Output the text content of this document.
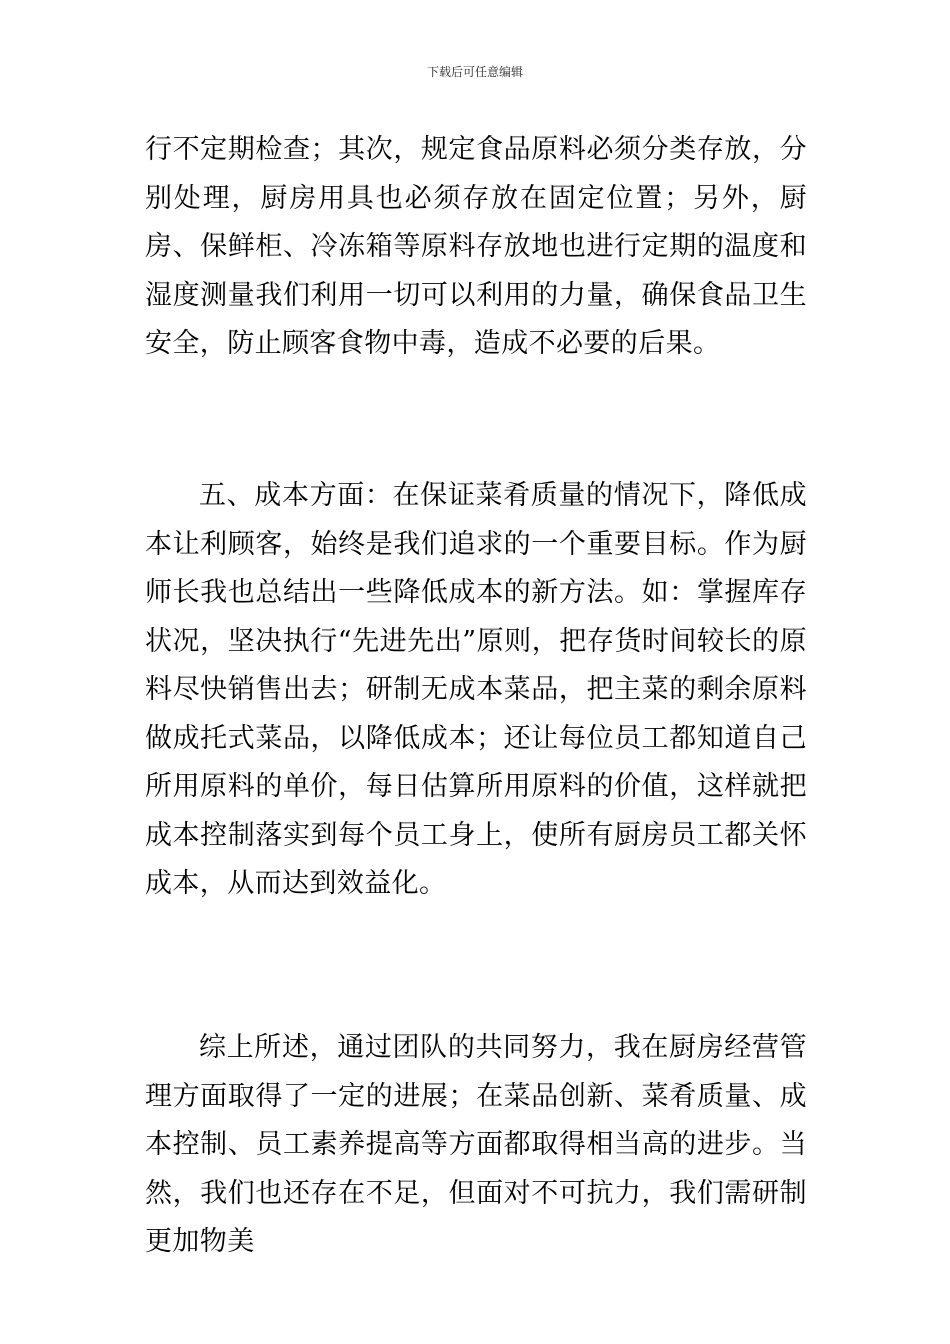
下载后可任意编辑

行不定期检查；其次，规定食品原料必须分类存放，分别处理，厨房用具也必须存放在固定位置；另外，厨房、保鲜柜、冷冻箱等原料存放地也进行定期的温度和湿度测量我们利用一切可以利用的力量，确保食品卫生安全，防止顾客食物中毒，造成不必要的后果。

五、成本方面：在保证菜肴质量的情况下，降低成本让利顾客，始终是我们追求的一个重要目标。作为厨师长我也总结出一些降低成本的新方法。如：掌握库存状况，坚决执行“先进先出”原则，把存货时间较长的原料尽快销售出去；研制无成本菜品，把主菜的剩余原料做成托式菜品，以降低成本；还让每位员工都知道自己所用原料的单价，每日估算所用原料的价值，这样就把成本控制落实到每个员工身上，使所有厨房员工都关怀成本，从而达到效益化。

综上所述，通过团队的共同努力，我在厨房经营管理方面取得了一定的进展；在菜品创新、菜肴质量、成本控制、员工素养提高等方面都取得相当高的进步。当然，我们也还存在不足，但面对不可抗力，我们需研制更加物美
